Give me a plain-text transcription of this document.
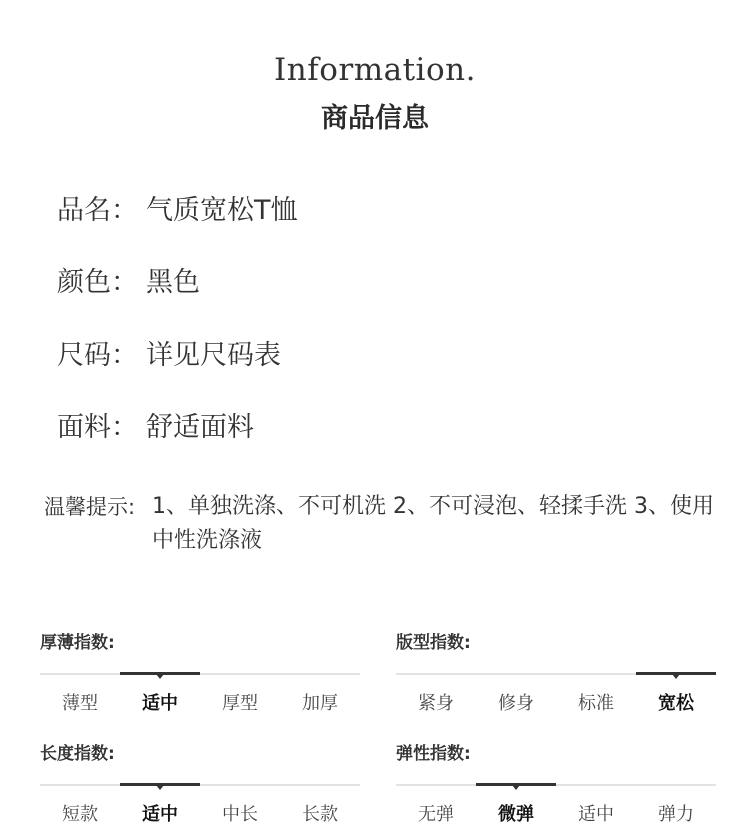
Information.
商品信息
品名： 气质宽松T恤
颜色： 黑色
尺码： 详见尺码表
面料： 舒适面料
温馨提示: 1、单独洗涤、不可机洗 2、不可浸泡、轻揉手洗 3、使用中性洗涤液
厚薄指数:
薄型	适中	厚型	加厚
版型指数:
紧身	修身	标准	宽松
长度指数:
短款	适中	中长	长款
弹性指数:
无弹	微弹	适中	弹力
